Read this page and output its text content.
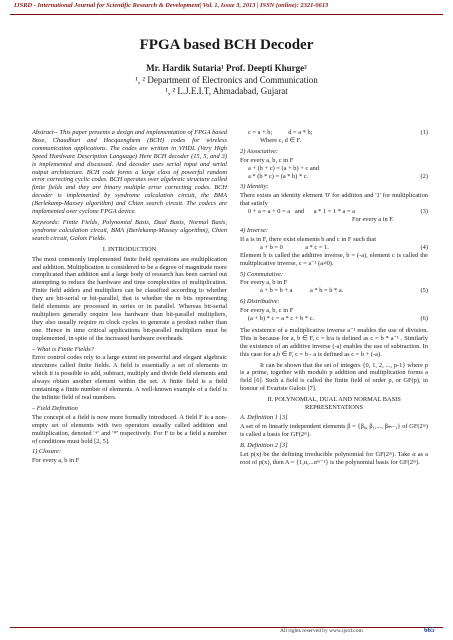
IJSRD - International Journal for Scientific Research & Development| Vol. 1, Issue 3, 2013 | ISSN (online): 2321-0613
FPGA based BCH Decoder
Mr. Hardik Sutaria¹ Prof. Deepti Khurge²
¹, ² Department of Electronics and Communication
¹, ² L.J.E.I.T, Ahmadabad, Gujarat
Abstract-- This paper presents a design and implementation of FPGA based Bose, Chaudhuri and Hocquenghem (BCH) codes for wireless communication applications. The codes are written in VHDL (Very High Speed Hardware Description Language) Here BCH decoder (15, 5, and 3) is implemented and discussed. And decoder uses serial input and serial output architecture. BCH code forms a large class of powerful random error correcting cyclic codes. BCH operates over algebraic structure called finite fields and they are binary multiple error correcting codes. BCH decoder is implemented by syndrome calculation circuit, the BMA (Berlekamp-Massey algorithm) and Chien search circuit. The codecs are implemented over cyclone FPGA device.
Keywords: Finite Fields, Polynomial Basis, Dual Basis, Normal Basis, syndrome calculation circuit, BMA (Berlekamp-Massey algorithm), Chien search circuit, Galois Fields.
I. INTRODUCTION
The most commonly implemented finite field operations are multiplication and addition. Multiplication is considered to be a degree of magnitude more complicated than addition and a large body of research has been carried out attempting to reduce the hardware and time complexities of multiplication. Finite field adders and multipliers can be classified according to whether they are bit-serial or bit-parallel, that is whether the m bits representing field elements are processed in series or in parallel. Whereas bit-serial multipliers generally require less hardware than bit-parallel multipliers, they also usually require m clock cycles to generate a product rather than one. Hence in time critical applications bit-parallel multipliers must be implemented, in spite of the increased hardware overheads.
– What is Finite Fields?
Error control codes rely to a large extent on powerful and elegant algebraic structures called finite fields. A field is essentially a set of elements in which it is possible to add, subtract, multiply and divide field elements and always obtain another element within the set. A finite field is a field containing a finite number of elements. A well-known example of a field is the infinite field of real numbers.
– Field Definition
The concept of a field is now more formally introduced. A field F is a non-empty set of elements with two operators usually called addition and multiplication, denoted '+' and '*' respectively. For F to be a field a number of conditions must hold [2, 5].
1) Closure:
For every a, b in F
c = a + b;          d = a * b;	(1)
Where c, d ∈ F.
2) Associative:
For every a, b, c in F
a + (b + c) = (a + b) + c and
a * (b * c) = (a * b) * c.	(2)
3) Identity:
There exists an identity element '0' for addition and '1' for multiplication that satisfy
0 + a = a + 0 = a   and      a * 1 = 1 * a = a	(3)
For every a in F.
4) Inverse:
If a is in F, there exist elements b and c in F such that
a + b = 0              a * c = 1.	(4)
Element b is called the additive inverse, b = (-a), element c is called the multiplicative inverse, c = a⁻¹ (a≠0).
5) Commutative:
For every a, b in F
a + b = b + a           a * b = b * a.	(5)
6) Distributive:
For every a, b, c in F
(a + b) * c = a * c + b * c.	(6)
The existence of a multiplicative inverse a⁻¹ enables the use of division. This is because for a, b ∈ F, c = b/a is defined as c = b * a⁻¹ . Similarly the existence of an additive inverse (-a) enables the use of subtraction. In this case for a,b ∈ F, c = b - a is defined as c = b + (-a).
It can be shown that the set of integers {0, 1, 2, ..., p-1} where p is a prime, together with modulo p addition and multiplication forms a field [6]. Such a field is called the finite field of order p, or GF(p), in honour of Evariste Galois [7].
II. POLYNOMIAL, DUAL AND NORMAL BASIS REPRESENTATIONS
A. Definition 1 [3]
A set of m linearly independent elements β = {β₀, β₁,..., βₘ₋₁} of GF(2ᵐ) is called a basis for GF(2ᵐ).
B. Definition 2 [3]
Let p(x) be the defining irreducible polynomial for GF(2ᵐ). Take α as a root of p(x), then A = {1,α,...αᵐ⁻¹} is the polynomial basis for GF(2ᵐ).
All rights reserved by www.ijsrd.com	665
